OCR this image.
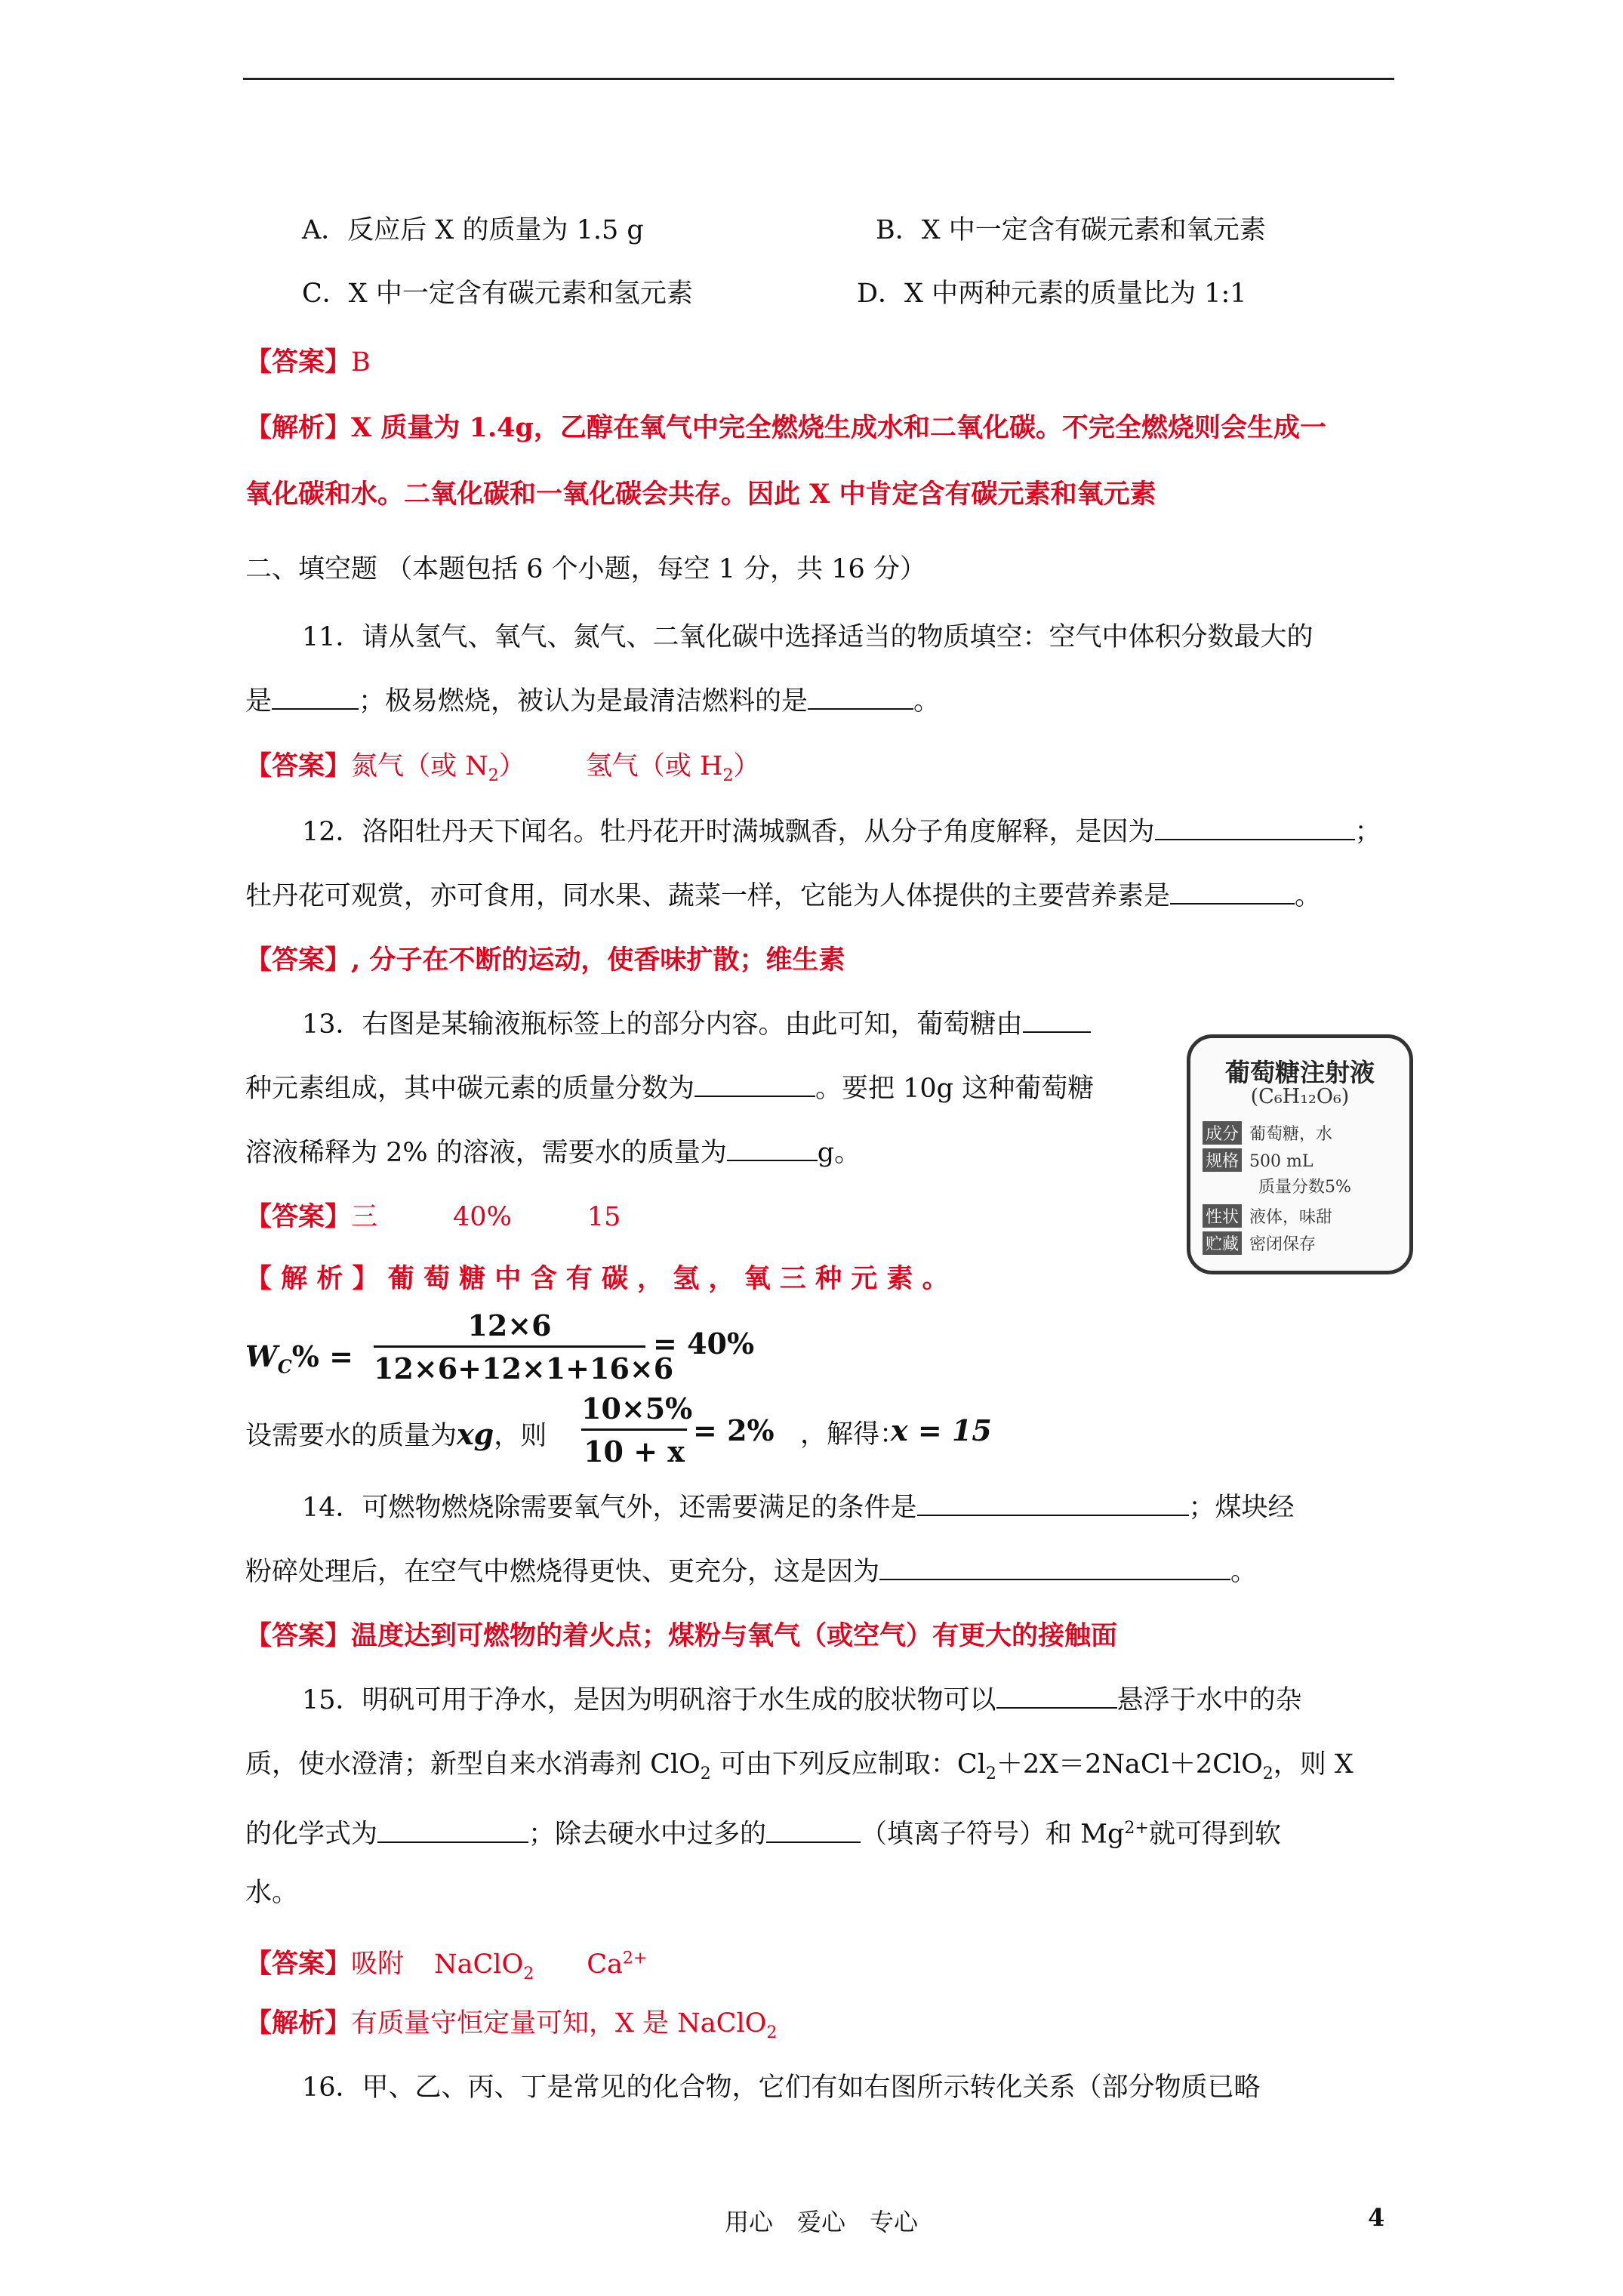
A．反应后 X 的质量为 1.5 g	B．X 中一定含有碳元素和氧元素
C．X 中一定含有碳元素和氢元素	D．X 中两种元素的质量比为 1:1
【答案】B
【解析】X 质量为 1.4g，乙醇在氧气中完全燃烧生成水和二氧化碳。不完全燃烧则会生成一
氧化碳和水。二氧化碳和一氧化碳会共存。因此 X 中肯定含有碳元素和氧元素
二、填空题 （本题包括 6 个小题，每空 1 分，共 16 分）
11．请从氢气、氧气、氮气、二氧化碳中选择适当的物质填空：空气中体积分数最大的
是	；极易燃烧，被认为是最清洁燃料的是	。
【答案】氮气（或 $N_2$） 氢气（或 $H_2$）
12．洛阳牡丹天下闻名。牡丹花开时满城飘香，从分子角度解释，是因为	；
牡丹花可观赏，亦可食用，同水果、蔬菜一样，它能为人体提供的主要营养素是	。
【答案】, 分子在不断的运动，使香味扩散；维生素
13．右图是某输液瓶标签上的部分内容。由此可知，葡萄糖由
种元素组成，其中碳元素的质量分数为	。要把 10g 这种葡萄糖
溶液稀释为 2% 的溶液，需要水的质量为	g。
【答案】三	40%	15
【 解 析 】 葡 萄 糖 中 含 有 碳 ， 氢 ， 氧 三 种 元 素 。
$W_C\%$ =
12×6
12×6+12×1+16×6
= 40%
设需要水的质量为xg，则
10×5%
10 + x
= 2% ，解得：
x = 15
葡萄糖注射液
(C₆H₁₂O₆)
成分 葡萄糖，水
规格 500 mL
质量分数5%
性状 液体，味甜
贮藏 密闭保存
14．可燃物燃烧除需要氧气外，还需要满足的条件是	；煤块经
粉碎处理后，在空气中燃烧得更快、更充分，这是因为	。
【答案】温度达到可燃物的着火点；煤粉与氧气（或空气）有更大的接触面
15．明矾可用于净水，是因为明矾溶于水生成的胶状物可以	悬浮于水中的杂
质，使水澄清；新型自来水消毒剂 ClO$_2$ 可由下列反应制取：$Cl_2+2X=2NaCl+2ClO_2$，则 X
的化学式为	；除去硬水中过多的	（填离子符号）和 $Mg^{2+}$就可得到软
水。
【答案】吸附 NaClO$_2$ $Ca^{2+}$
【解析】有质量守恒定量可知，X 是 NaClO$_2$
16．甲、乙、丙、丁是常见的化合物，它们有如右图所示转化关系（部分物质已略
用心　爱心　专心	4
